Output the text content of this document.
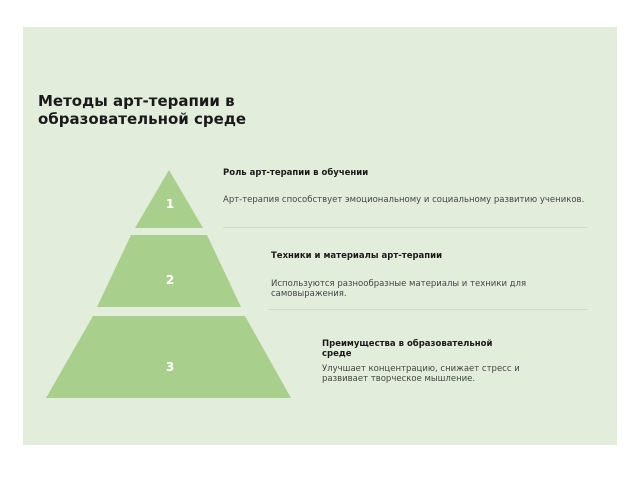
Методы арт-терапии в образовательной среде
1
2
3
Роль арт-терапии в обучении
Арт-терапия способствует эмоциональному и социальному развитию учеников.
Техники и материалы арт-терапии
Используются разнообразные материалы и техники для самовыражения.
Преимущества в образовательной среде
Улучшает концентрацию, снижает стресс и развивает творческое мышление.
